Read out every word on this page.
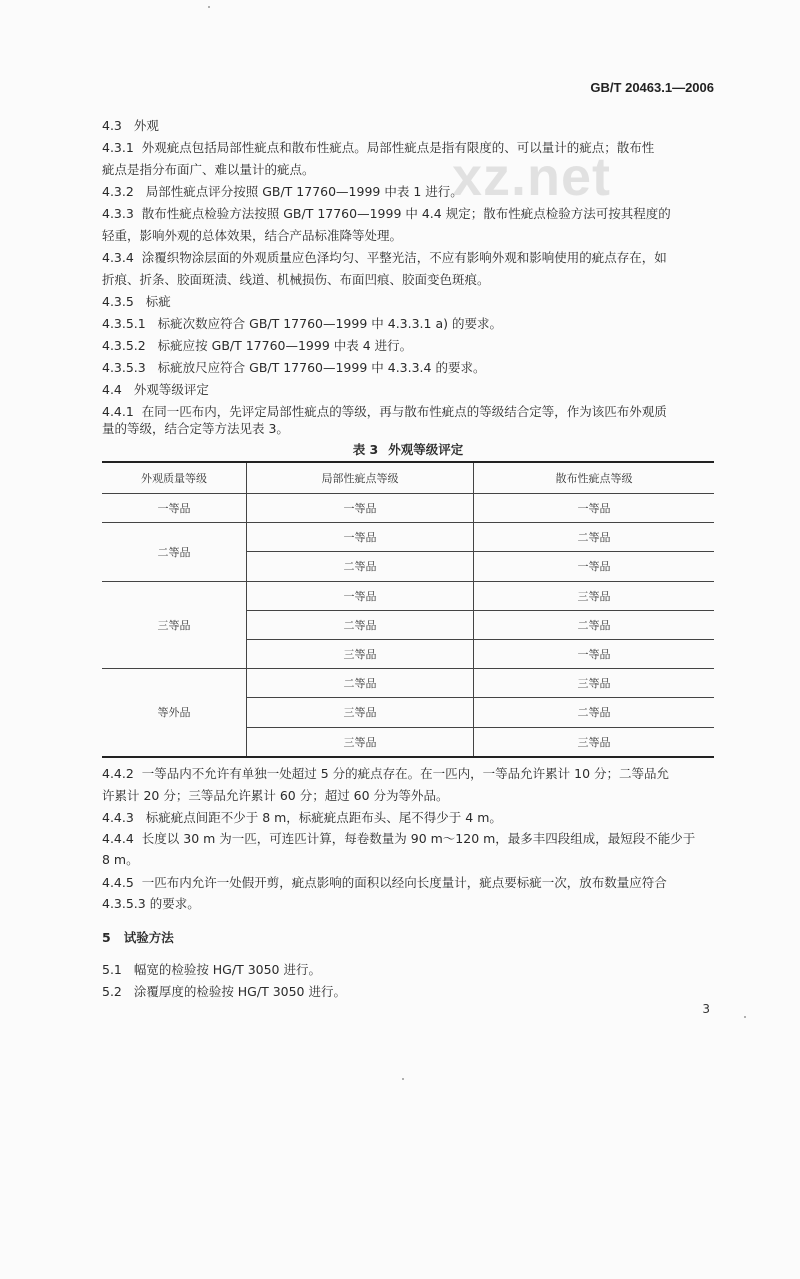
GB/T 20463.1—2006
xz.net
4.3 外观
4.3.1 外观疵点包括局部性疵点和散布性疵点。局部性疵点是指有限度的、可以量计的疵点；散布性
疵点是指分布面广、难以量计的疵点。
4.3.2 局部性疵点评分按照 GB/T 17760—1999 中表 1 进行。
4.3.3 散布性疵点检验方法按照 GB/T 17760—1999 中 4.4 规定；散布性疵点检验方法可按其程度的
轻重，影响外观的总体效果，结合产品标准降等处理。
4.3.4 涂覆织物涂层面的外观质量应色泽均匀、平整光洁，不应有影响外观和影响使用的疵点存在，如
折痕、折条、胶面斑渍、线道、机械损伤、布面凹痕、胶面变色斑痕。
4.3.5 标疵
4.3.5.1 标疵次数应符合 GB/T 17760—1999 中 4.3.3.1 a) 的要求。
4.3.5.2 标疵应按 GB/T 17760—1999 中表 4 进行。
4.3.5.3 标疵放尺应符合 GB/T 17760—1999 中 4.3.3.4 的要求。
4.4 外观等级评定
4.4.1 在同一匹布内，先评定局部性疵点的等级，再与散布性疵点的等级结合定等，作为该匹布外观质
量的等级，结合定等方法见表 3。
表 3 外观等级评定
外观质量等级	局部性疵点等级	散布性疵点等级
一等品	一等品	一等品
二等品	一等品	二等品
	二等品	一等品
三等品	一等品	三等品
	二等品	二等品
	三等品	一等品
等外品	二等品	三等品
	三等品	二等品
	三等品	三等品
4.4.2 一等品内不允许有单独一处超过 5 分的疵点存在。在一匹内，一等品允许累计 10 分；二等品允
许累计 20 分；三等品允许累计 60 分；超过 60 分为等外品。
4.4.3 标疵疵点间距不少于 8 m，标疵疵点距布头、尾不得少于 4 m。
4.4.4 长度以 30 m 为一匹，可连匹计算，每卷数量为 90 m～120 m，最多丰四段组成，最短段不能少于
8 m。
4.4.5 一匹布内允许一处假开剪，疵点影响的面积以经向长度量计，疵点要标疵一次，放布数量应符合
4.3.5.3 的要求。
5 试验方法
5.1 幅宽的检验按 HG/T 3050 进行。
5.2 涂覆厚度的检验按 HG/T 3050 进行。
3
